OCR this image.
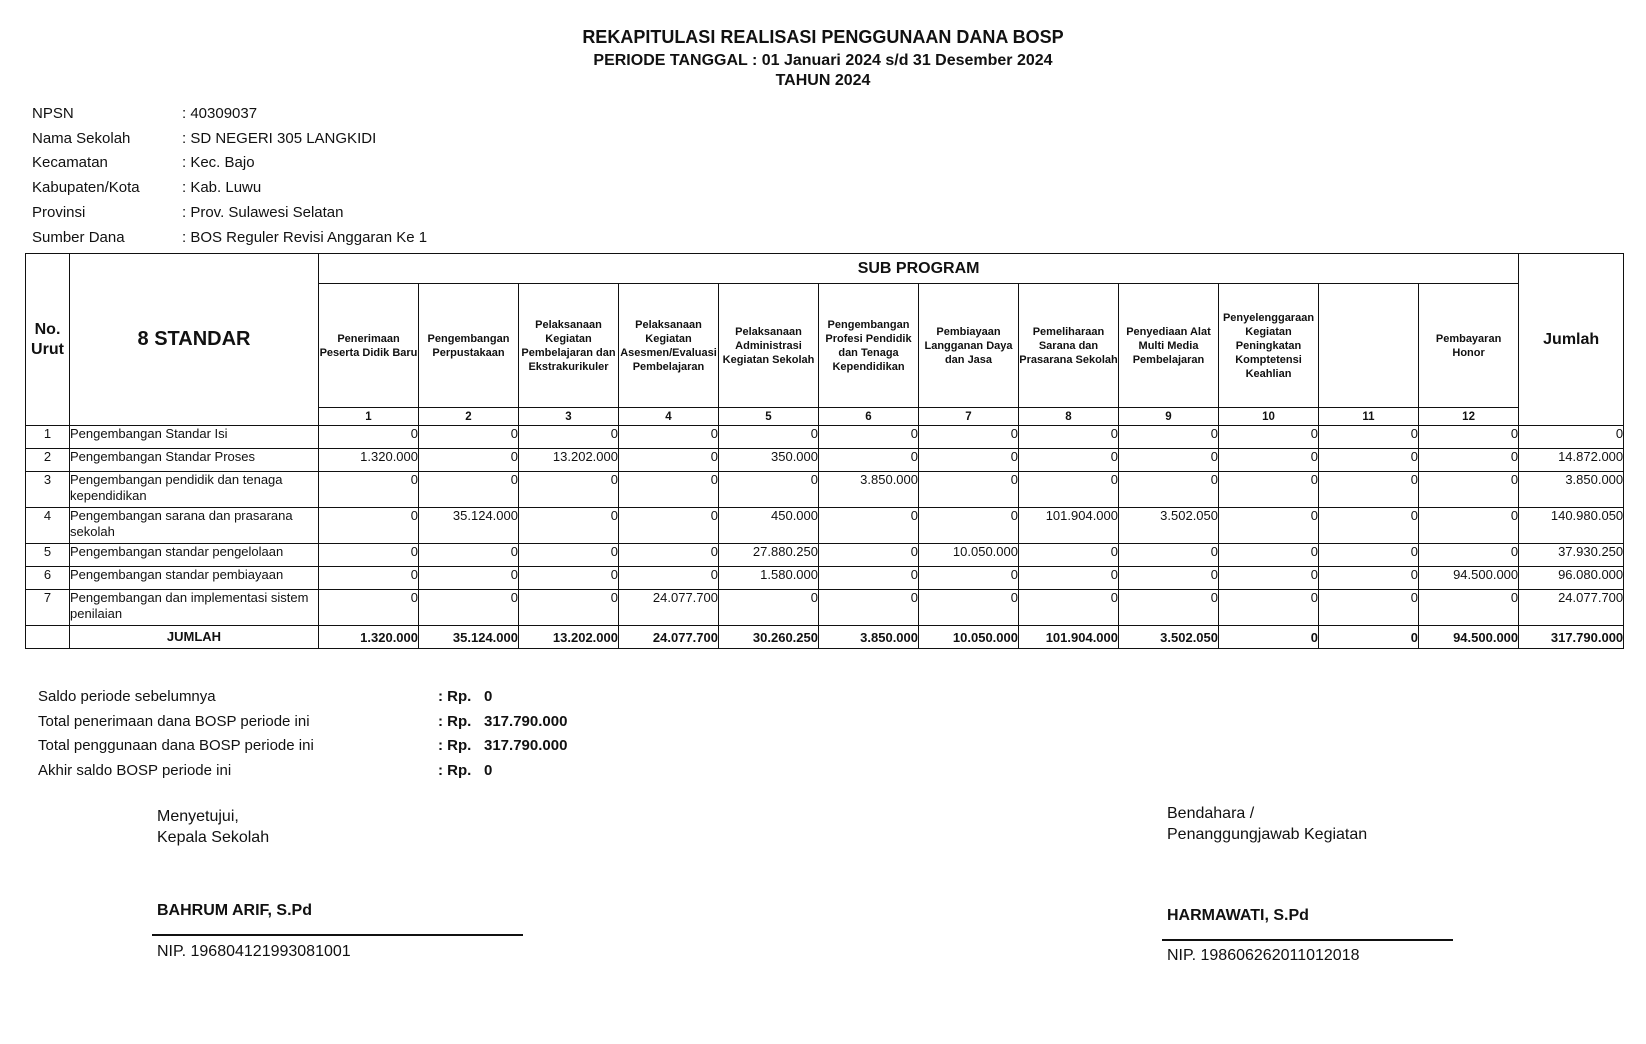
REKAPITULASI REALISASI PENGGUNAAN DANA BOSP
PERIODE TANGGAL : 01 Januari 2024 s/d 31 Desember 2024
TAHUN 2024
NPSN	: 40309037
Nama Sekolah	: SD NEGERI 305 LANGKIDI
Kecamatan	: Kec. Bajo
Kabupaten/Kota	: Kab. Luwu
Provinsi	: Prov. Sulawesi Selatan
Sumber Dana	: BOS Reguler Revisi Anggaran Ke 1
No. Urut	8 STANDAR	SUB PROGRAM												Jumlah
		Penerimaan Peserta Didik Baru	Pengembangan Perpustakaan	Pelaksanaan Kegiatan Pembelajaran dan Ekstrakurikuler	Pelaksanaan Kegiatan Asesmen/Evaluasi Pembelajaran	Pelaksanaan Administrasi Kegiatan Sekolah	Pengembangan Profesi Pendidik dan Tenaga Kependidikan	Pembiayaan Langganan Daya dan Jasa	Pemeliharaan Sarana dan Prasarana Sekolah	Penyediaan Alat Multi Media Pembelajaran	Penyelenggaraan Kegiatan Peningkatan Komptetensi Keahlian		Pembayaran Honor	
		1	2	3	4	5	6	7	8	9	10	11	12	
1	Pengembangan Standar Isi	0	0	0	0	0	0	0	0	0	0	0	0	0
2	Pengembangan Standar Proses	1.320.000	0	13.202.000	0	350.000	0	0	0	0	0	0	0	14.872.000
3	Pengembangan pendidik dan tenaga kependidikan	0	0	0	0	0	3.850.000	0	0	0	0	0	0	3.850.000
4	Pengembangan sarana dan prasarana sekolah	0	35.124.000	0	0	450.000	0	0	101.904.000	3.502.050	0	0	0	140.980.050
5	Pengembangan standar pengelolaan	0	0	0	0	27.880.250	0	10.050.000	0	0	0	0	0	37.930.250
6	Pengembangan standar pembiayaan	0	0	0	0	1.580.000	0	0	0	0	0	0	94.500.000	96.080.000
7	Pengembangan dan implementasi sistem penilaian	0	0	0	24.077.700	0	0	0	0	0	0	0	0	24.077.700
	JUMLAH	1.320.000	35.124.000	13.202.000	24.077.700	30.260.250	3.850.000	10.050.000	101.904.000	3.502.050	0	0	94.500.000	317.790.000
Saldo periode sebelumnya	: Rp. 0
Total penerimaan dana BOSP periode ini	: Rp. 317.790.000
Total penggunaan dana BOSP periode ini	: Rp. 317.790.000
Akhir saldo BOSP periode ini	: Rp. 0
Menyetujui,
Kepala Sekolah
BAHRUM ARIF, S.Pd
NIP. 196804121993081001
Bendahara /
Penanggungjawab Kegiatan
HARMAWATI, S.Pd
NIP. 198606262011012018
